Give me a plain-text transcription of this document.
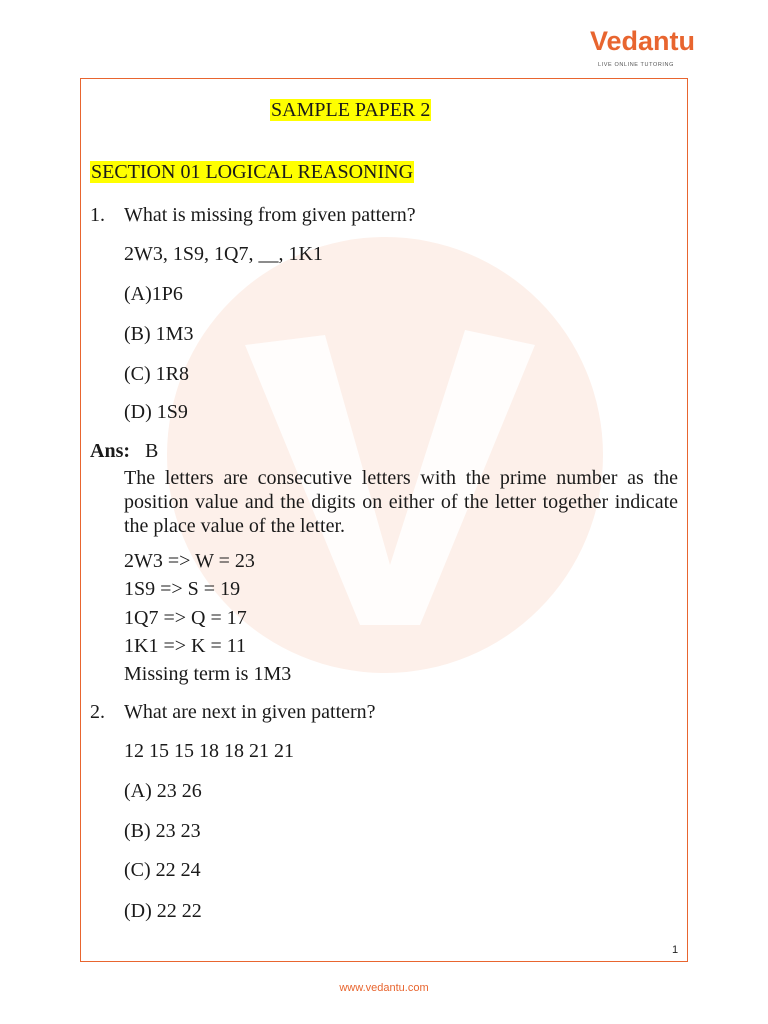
Vedantu
LIVE ONLINE TUTORING
SAMPLE PAPER 2
SECTION 01 LOGICAL REASONING
1. What is missing from given pattern?
2W3, 1S9, 1Q7, __, 1K1
(A)1P6
(B) 1M3
(C) 1R8
(D) 1S9
Ans: B
The letters are consecutive letters with the prime number as the position value and the digits on either of the letter together indicate the place value of the letter.
2W3 => W = 23
1S9 => S = 19
1Q7 => Q = 17
1K1 => K = 11
Missing term is 1M3
2. What are next in given pattern?
12 15 15 18 18 21 21
(A) 23 26
(B) 23 23
(C) 22 24
(D) 22 22
1
www.vedantu.com
